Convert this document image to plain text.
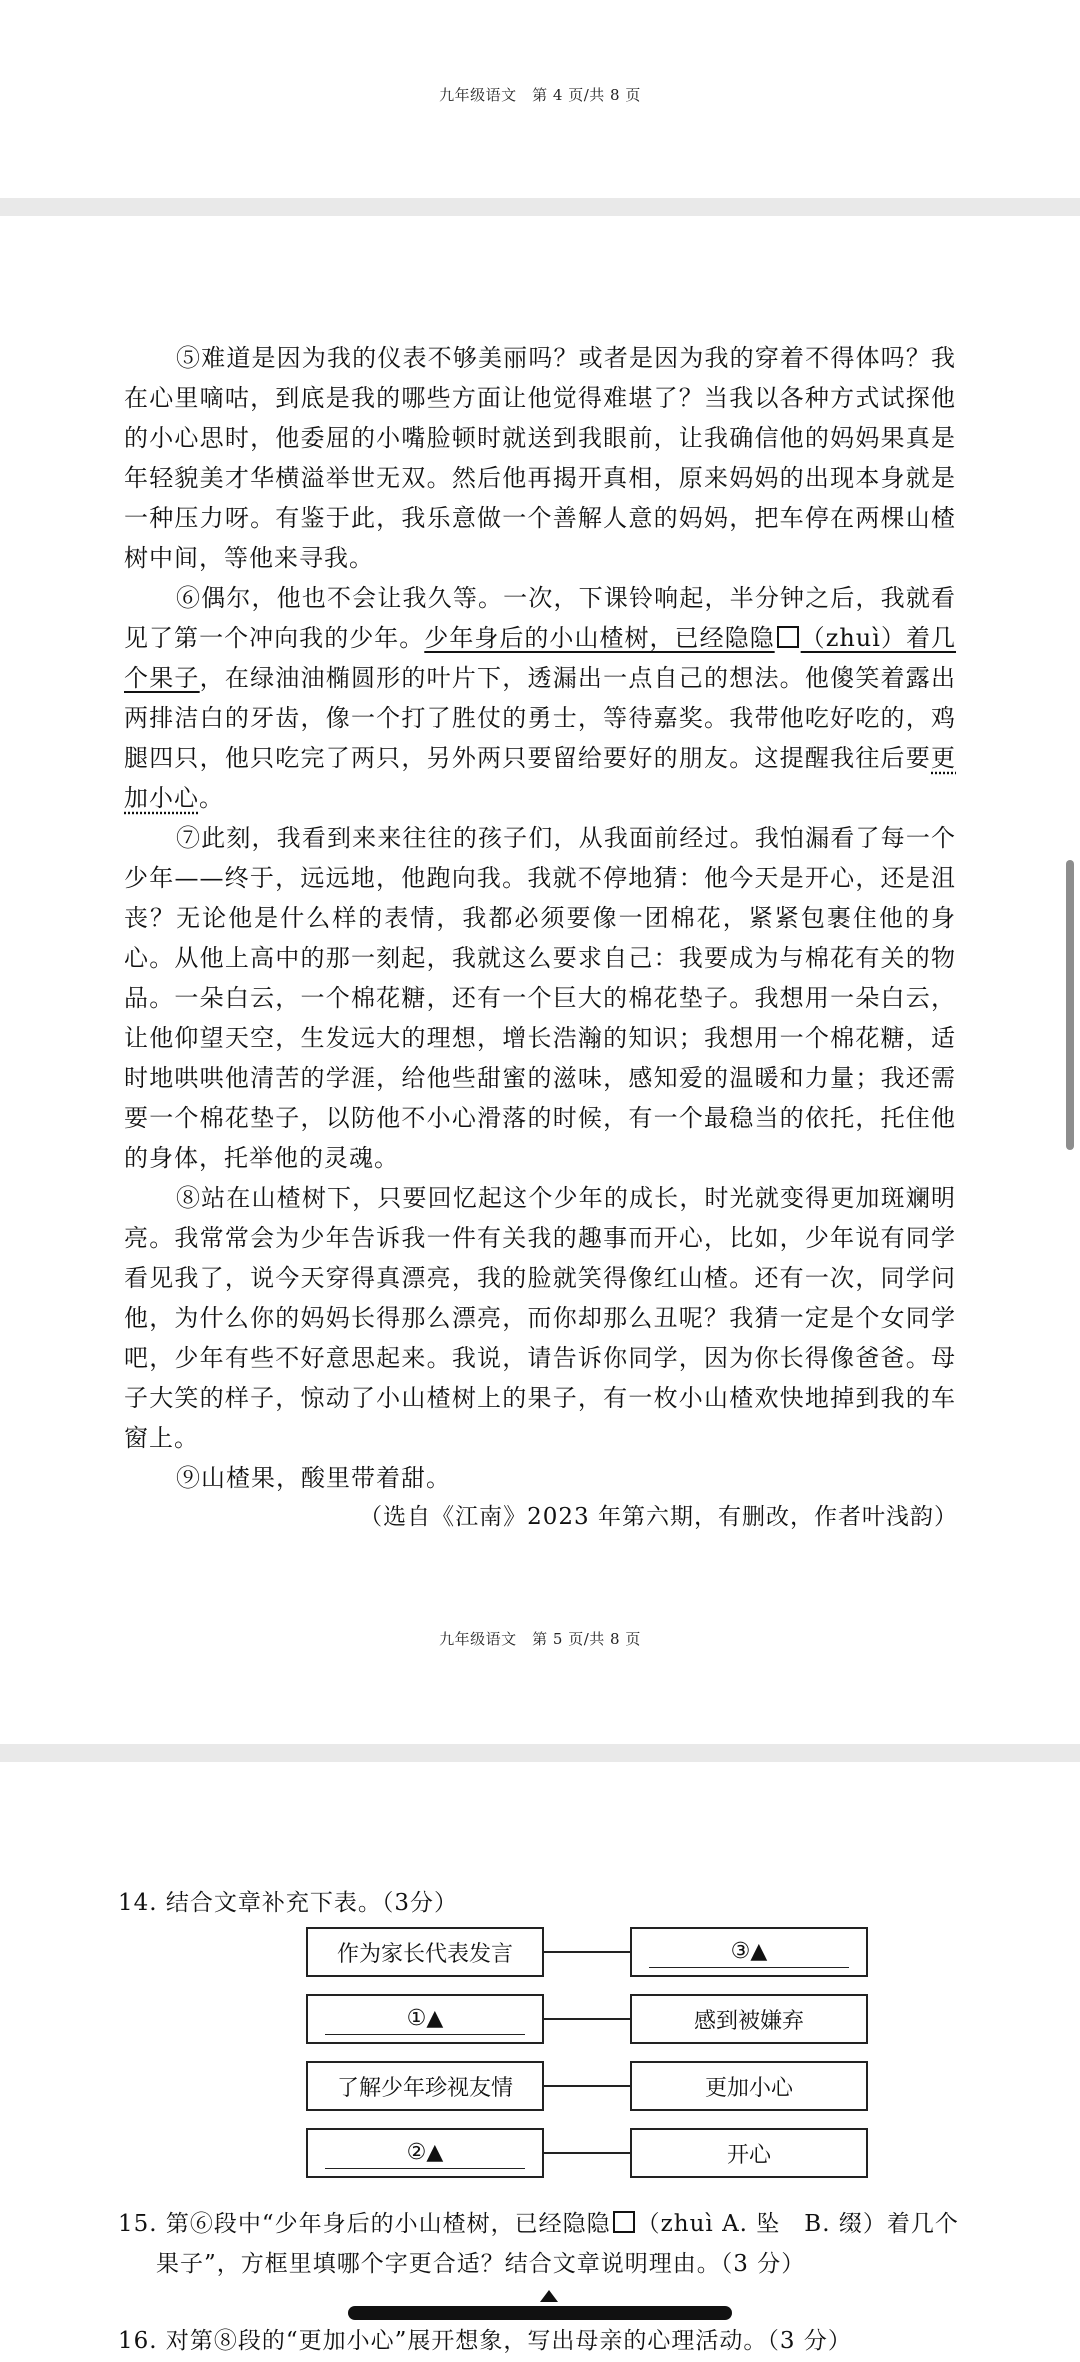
九年级语文　第 4 页/共 8 页
⑤难道是因为我的仪表不够美丽吗？或者是因为我的穿着不得体吗？我在心里嘀咕，到底是我的哪些方面让他觉得难堪了？当我以各种方式试探他的小心思时，他委屈的小嘴脸顿时就送到我眼前，让我确信他的妈妈果真是年轻貌美才华横溢举世无双。然后他再揭开真相，原来妈妈的出现本身就是一种压力呀。有鉴于此，我乐意做一个善解人意的妈妈，把车停在两棵山楂树中间，等他来寻我。
⑥偶尔，他也不会让我久等。一次，下课铃响起，半分钟之后，我就看见了第一个冲向我的少年。少年身后的小山楂树，已经隐隐 （zhuì）着几个果子，在绿油油椭圆形的叶片下，透漏出一点自己的想法。他傻笑着露出两排洁白的牙齿，像一个打了胜仗的勇士，等待嘉奖。我带他吃好吃的，鸡腿四只，他只吃完了两只，另外两只要留给要好的朋友。这提醒我往后要更加小心。
⑦此刻，我看到来来往往的孩子们，从我面前经过。我怕漏看了每一个少年——终于，远远地，他跑向我。我就不停地猜：他今天是开心，还是沮丧？无论他是什么样的表情，我都必须要像一团棉花，紧紧包裹住他的身心。从他上高中的那一刻起，我就这么要求自己：我要成为与棉花有关的物品。一朵白云，一个棉花糖，还有一个巨大的棉花垫子。我想用一朵白云，让他仰望天空，生发远大的理想，增长浩瀚的知识；我想用一个棉花糖，适时地哄哄他清苦的学涯，给他些甜蜜的滋味，感知爱的温暖和力量；我还需要一个棉花垫子，以防他不小心滑落的时候，有一个最稳当的依托，托住他的身体，托举他的灵魂。
⑧站在山楂树下，只要回忆起这个少年的成长，时光就变得更加斑斓明亮。我常常会为少年告诉我一件有关我的趣事而开心，比如，少年说有同学看见我了，说今天穿得真漂亮，我的脸就笑得像红山楂。还有一次，同学问他，为什么你的妈妈长得那么漂亮，而你却那么丑呢？我猜一定是个女同学吧，少年有些不好意思起来。我说，请告诉你同学，因为你长得像爸爸。母子大笑的样子，惊动了小山楂树上的果子，有一枚小山楂欢快地掉到我的车窗上。
⑨山楂果，酸里带着甜。
（选自《江南》2023 年第六期，有删改，作者叶浅韵）
九年级语文　第 5 页/共 8 页
14. 结合文章补充下表。（3分）
作为家长代表发言	③▲
①▲	感到被嫌弃
了解少年珍视友情	更加小心
②▲	开心
15. 第⑥段中“少年身后的小山楂树，已经隐隐 （zhuì A. 坠　B. 缀）着几个
果子”，方框里填哪个字更合适？结合文章说明理由。（3 分）
16. 对第⑧段的“更加小心”展开想象，写出母亲的心理活动。（3 分）
